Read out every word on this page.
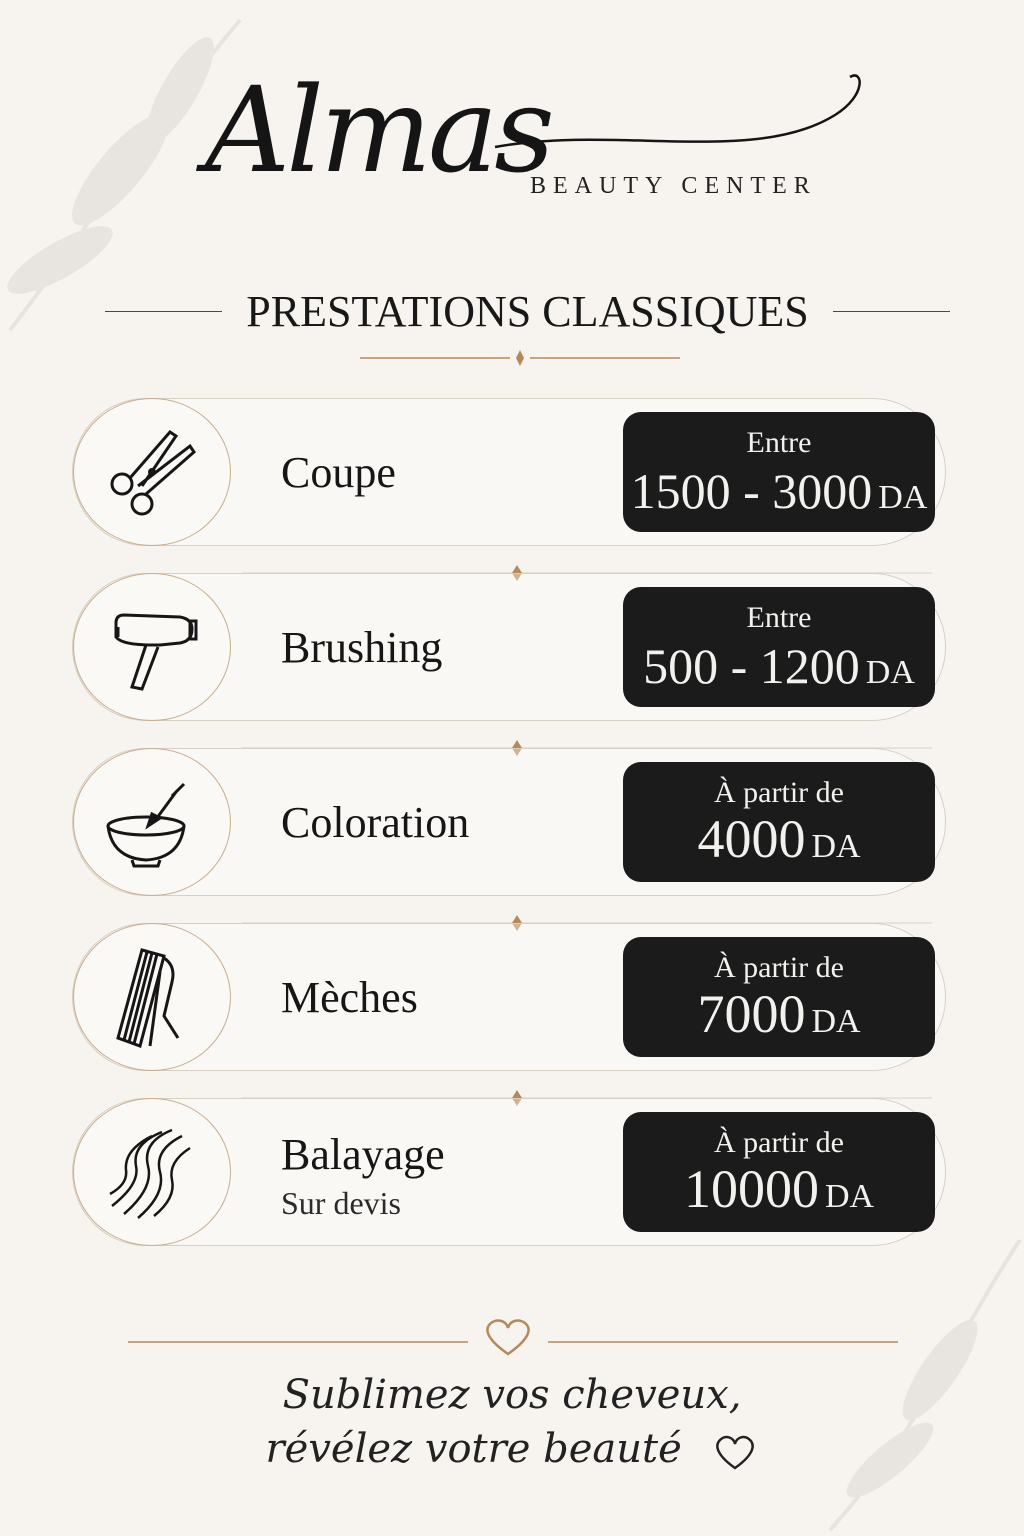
Almas
BEAUTY CENTER
PRESTATIONS CLASSIQUES
Coupe
Entre
1500 - 3000 DA
Brushing
Entre
500 - 1200 DA
Coloration
À partir de
4000 DA
Mèches
À partir de
7000 DA
Balayage
Sur devis
À partir de
10000 DA
Sublimez vos cheveux,
révélez votre beauté
